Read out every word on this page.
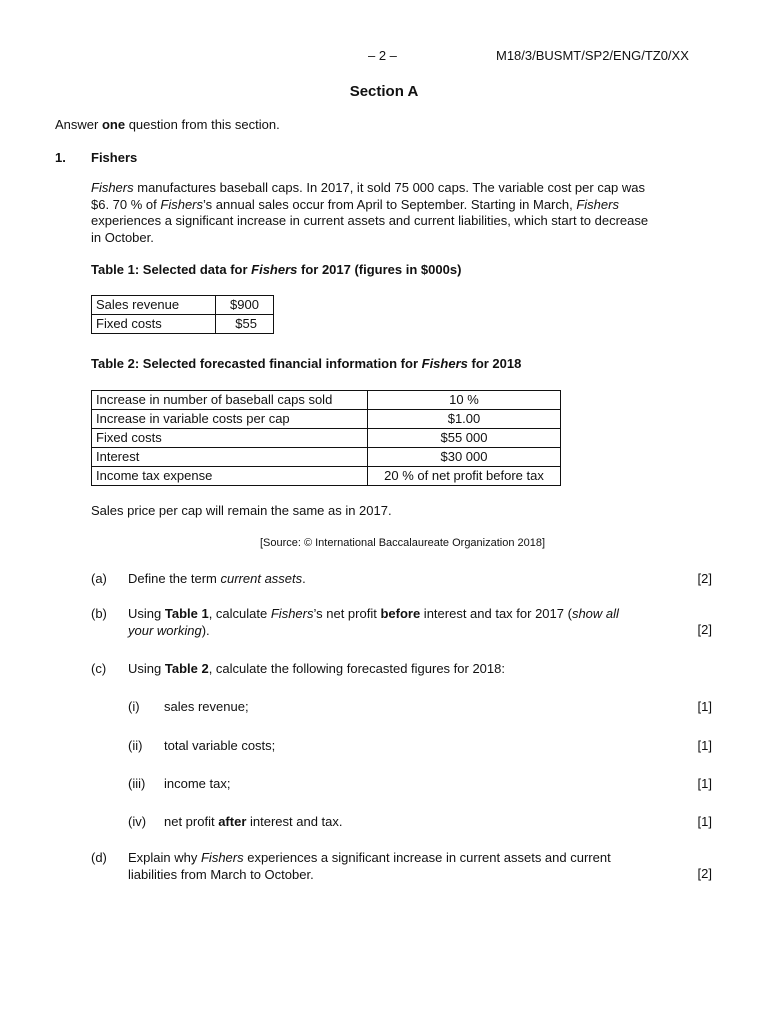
– 2 –	M18/3/BUSMT/SP2/ENG/TZ0/XX
Section A
Answer one question from this section.
1. Fishers
Fishers manufactures baseball caps. In 2017, it sold 75 000 caps. The variable cost per cap was
$6. 70 % of Fishers’s annual sales occur from April to September. Starting in March, Fishers
experiences a significant increase in current assets and current liabilities, which start to decrease
in October.
Table 1: Selected data for Fishers for 2017 (figures in $000s)
Sales revenue	$900
Fixed costs	$55
Table 2: Selected forecasted financial information for Fishers for 2018
Increase in number of baseball caps sold	10 %
Increase in variable costs per cap	$1.00
Fixed costs	$55 000
Interest	$30 000
Income tax expense	20 % of net profit before tax
Sales price per cap will remain the same as in 2017.
[Source: © International Baccalaureate Organization 2018]
(a) Define the term current assets.	[2]
(b) Using Table 1, calculate Fishers’s net profit before interest and tax for 2017 (show all
your working).	[2]
(c) Using Table 2, calculate the following forecasted figures for 2018:
(i) sales revenue;	[1]
(ii) total variable costs;	[1]
(iii) income tax;	[1]
(iv) net profit after interest and tax.	[1]
(d) Explain why Fishers experiences a significant increase in current assets and current
liabilities from March to October.	[2]
